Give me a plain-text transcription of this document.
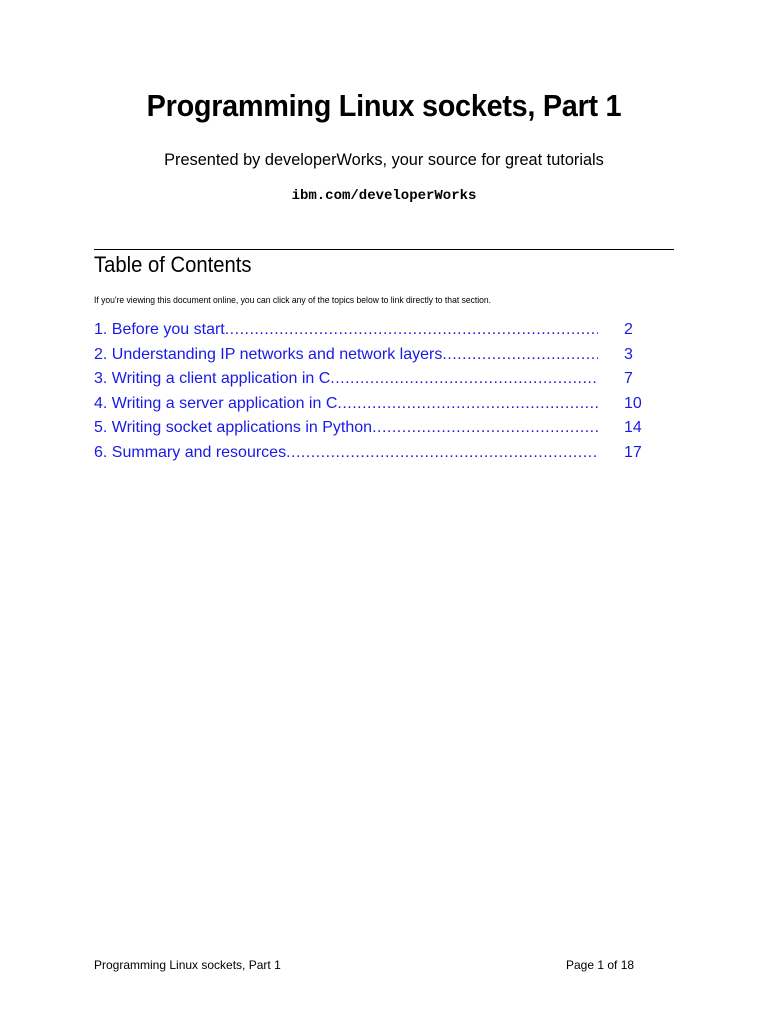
Programming Linux sockets, Part 1
Presented by developerWorks, your source for great tutorials
ibm.com/developerWorks
Table of Contents
If you're viewing this document online, you can click any of the topics below to link directly to that section.
1. Before you start .....	2
2. Understanding IP networks and network layers .....	3
3. Writing a client application in C .....	7
4. Writing a server application in C .....	10
5. Writing socket applications in Python .....	14
6. Summary and resources .....	17
Programming Linux sockets, Part 1	Page 1 of 18
